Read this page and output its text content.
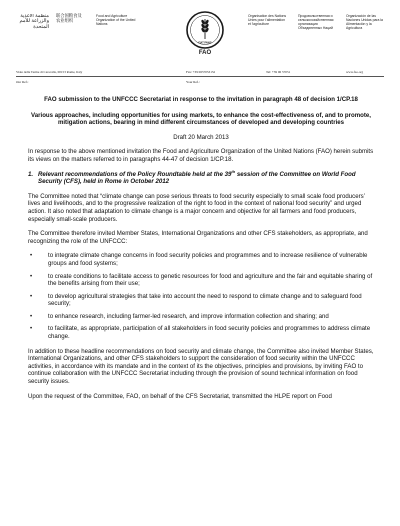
منظمة الأغذية والزراعة للأمم المتحدة
联合国粮食及农业组织
Food and Agriculture Organization of the United Nations
FAO
FIAT PANIS
Organisation des Nations Unies pour l'alimentation et l'agriculture
Продовольственная и сельскохозяйственная организация Объединенных Наций
Organización de las Naciones Unidas para la Alimentación y la Agricultura
Viale delle Terme di Caracalla, 00153 Rome, Italy	Fax: +39 0657053152	Tel: +39 06 57051	www.fao.org
Our Ref.:	Your Ref.:

FAO submission to the UNFCCC Secretariat in response to the invitation in paragraph 48 of decision 1/CP.18

Various approaches, including opportunities for using markets, to enhance the cost-effectiveness of, and to promote, mitigation actions, bearing in mind different circumstances of developed and developing countries

Draft 20 March 2013

In response to the above mentioned invitation the Food and Agriculture Organization of the United Nations (FAO) herein submits its views on the matters referred to in paragraphs 44-47 of decision 1/CP.18.

1. Relevant recommendations of the Policy Roundtable held at the 39th session of the Committee on World Food Security (CFS), held in Rome in October 2012

The Committee noted that “climate change can pose serious threats to food security especially to small scale food producers’ lives and livelihoods, and to the progressive realization of the right to food in the context of national food security” and urged action. It also noted that adaptation to climate change is a major concern and objective for all farmers and food producers, especially small-scale producers.

The Committee therefore invited Member States, International Organizations and other CFS stakeholders, as appropriate, and recognizing the role of the UNFCCC:

•	to integrate climate change concerns in food security policies and programmes and to increase resilience of vulnerable groups and food systems;
•	to create conditions to facilitate access to genetic resources for food and agriculture and the fair and equitable sharing of the benefits arising from their use;
•	to develop agricultural strategies that take into account the need to respond to climate change and to safeguard food security;
•	to enhance research, including farmer-led research, and improve information collection and sharing; and
•	to facilitate, as appropriate, participation of all stakeholders in food security policies and programmes to address climate change.

In addition to these headline recommendations on food security and climate change, the Committee also invited Member States, International Organizations, and other CFS stakeholders to support the consideration of food security within the UNFCCC activities, in accordance with its mandate and in the context of its the objectives, principles and provisions, by inviting FAO to continue collaboration with the UNFCCC Secretariat including through the provision of sound technical information on food security issues.

Upon the request of the Committee, FAO, on behalf of the CFS Secretariat, transmitted the HLPE report on Food
